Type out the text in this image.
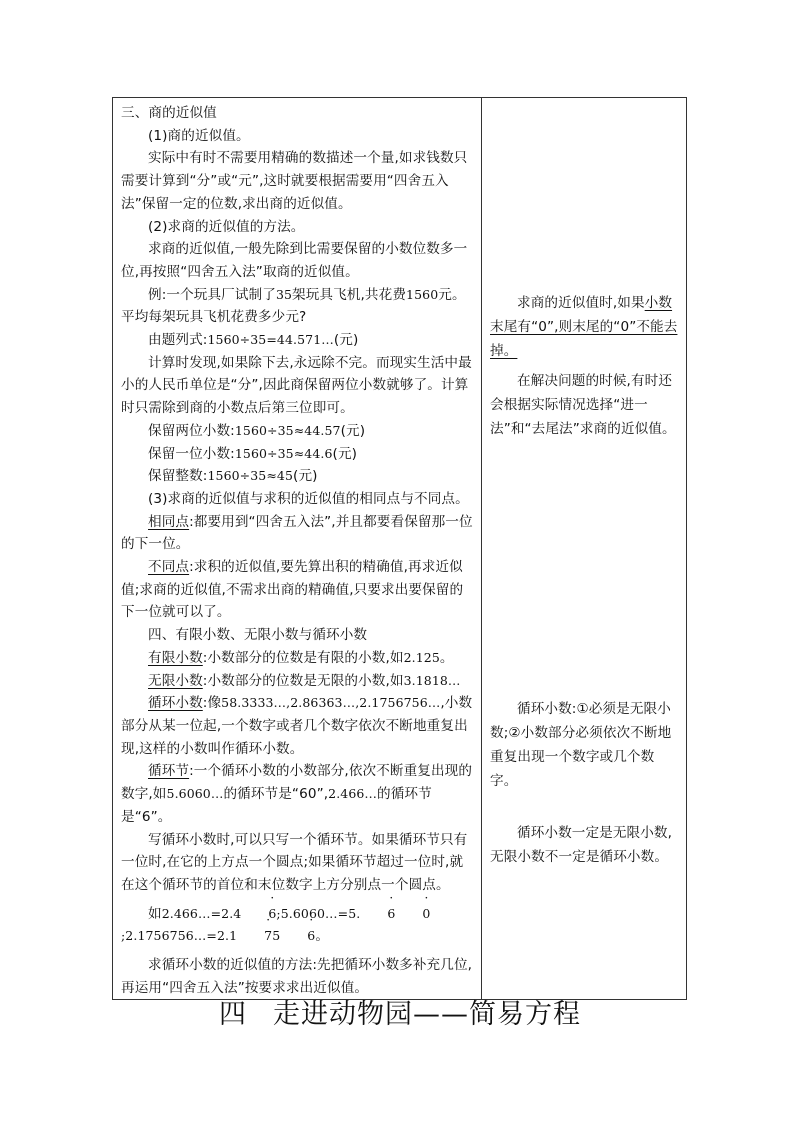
三、商的近似值

(1)商的近似值。

实际中有时不需要用精确的数描述一个量,如求钱数只需要计算到“分”或“元”,这时就要根据需要用“四舍五入法”保留一定的位数,求出商的近似值。

(2)求商的近似值的方法。

求商的近似值,一般先除到比需要保留的小数位数多一位,再按照“四舍五入法”取商的近似值。

例:一个玩具厂试制了35架玩具飞机,共花费1560元。平均每架玩具飞机花费多少元?

由题列式:1560÷35=44.571…(元)

计算时发现,如果除下去,永远除不完。而现实生活中最小的人民币单位是“分”,因此商保留两位小数就够了。计算时只需除到商的小数点后第三位即可。

保留两位小数:1560÷35≈44.57(元)

保留一位小数:1560÷35≈44.6(元)

保留整数:1560÷35≈45(元)

(3)求商的近似值与求积的近似值的相同点与不同点。

相同点:都要用到“四舍五入法”,并且都要看保留那一位的下一位。

不同点:求积的近似值,要先算出积的精确值,再求近似值;求商的近似值,不需求出商的精确值,只要求出要保留的下一位就可以了。

四、有限小数、无限小数与循环小数

有限小数:小数部分的位数是有限的小数,如2.125。

无限小数:小数部分的位数是无限的小数,如3.1818…

循环小数:像58.3333…,2.86363…,2.1756756…,小数部分从某一位起,一个数字或者几个数字依次不断地重复出现,这样的小数叫作循环小数。

循环节:一个循环小数的小数部分,依次不断重复出现的数字,如5.6060…的循环节是“60”,2.466…的循环节是“6”。

写循环小数时,可以只写一个循环节。如果循环节只有一位时,在它的上方点一个圆点;如果循环节超过一位时,就在这个循环节的首位和末位数字上方分别点一个圆点。

如2.466…=2.4 · 6;5.6060…=5. · 6 · 0;2.1756756…=2.1 · 75 · 6。

求循环小数的近似值的方法:先把循环小数多补充几位,再运用“四舍五入法”按要求求出近似值。

求商的近似值时,如果小数末尾有“0”,则末尾的“0”不能去掉。

在解决问题的时候,有时还会根据实际情况选择“进一法”和“去尾法”求商的近似值。

循环小数:①必须是无限小数;②小数部分必须依次不断地重复出现一个数字或几个数字。

循环小数一定是无限小数,无限小数不一定是循环小数。

四 走进动物园——简易方程
